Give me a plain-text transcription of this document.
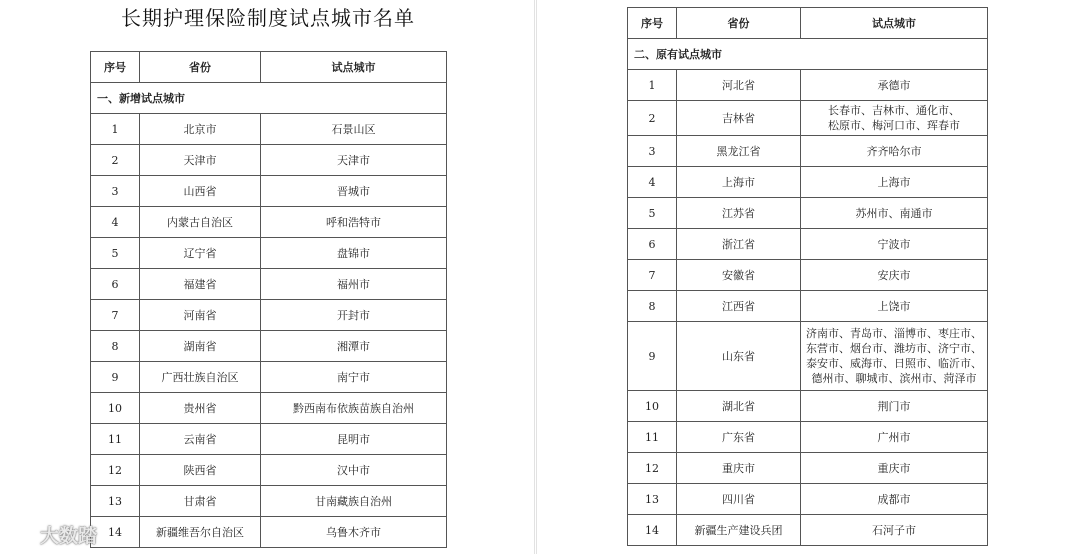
长期护理保险制度试点城市名单
序号	省份	试点城市
一、新增试点城市		
1	北京市	石景山区
2	天津市	天津市
3	山西省	晋城市
4	内蒙古自治区	呼和浩特市
5	辽宁省	盘锦市
6	福建省	福州市
7	河南省	开封市
8	湖南省	湘潭市
9	广西壮族自治区	南宁市
10	贵州省	黔西南布依族苗族自治州
11	云南省	昆明市
12	陕西省	汉中市
13	甘肃省	甘南藏族自治州
14	新疆维吾尔自治区	乌鲁木齐市
序号	省份	试点城市
二、原有试点城市		
1	河北省	承德市
2	吉林省	长春市、吉林市、通化市、
松原市、梅河口市、珲春市

3	黑龙江省	齐齐哈尔市
4	上海市	上海市
5	江苏省	苏州市、南通市
6	浙江省	宁波市
7	安徽省	安庆市
8	江西省	上饶市
9	山东省	济南市、青岛市、淄博市、枣庄市、
东营市、烟台市、潍坊市、济宁市、
泰安市、威海市、日照市、临沂市、
德州市、聊城市、滨州市、菏泽市

10	湖北省	荆门市
11	广东省	广州市
12	重庆市	重庆市
13	四川省	成都市
14	新疆生产建设兵团	石河子市
大数踏
